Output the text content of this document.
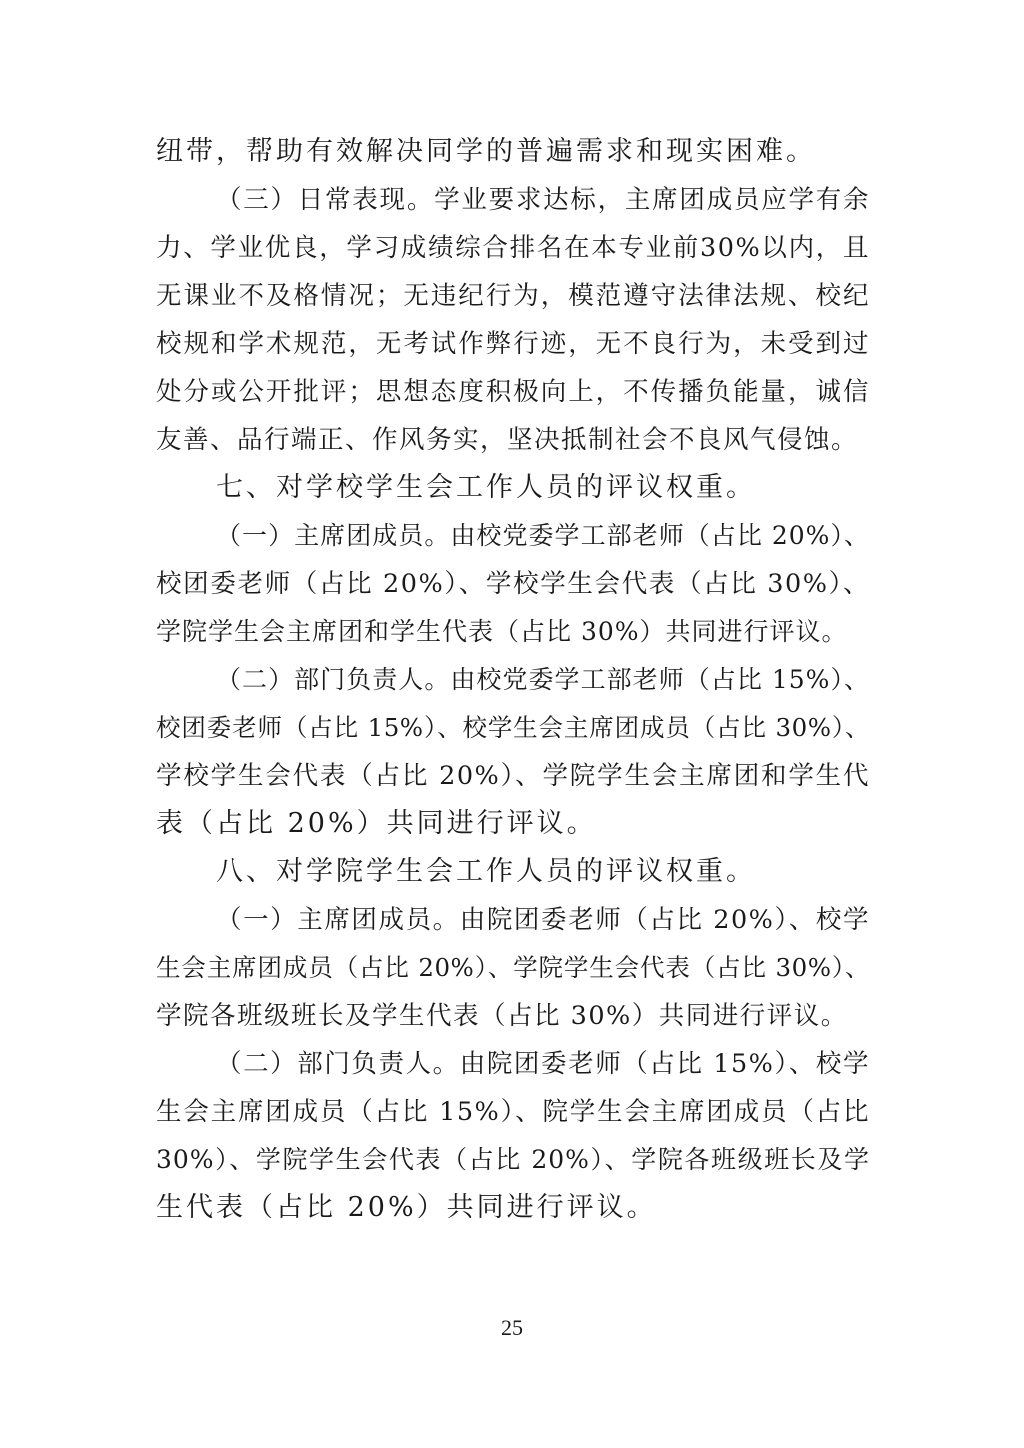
纽带，帮助有效解决同学的普遍需求和现实困难。
（三）日常表现。学业要求达标，主席团成员应学有余
力、学业优良，学习成绩综合排名在本专业前30%以内，且
无课业不及格情况；无违纪行为，模范遵守法律法规、校纪
校规和学术规范，无考试作弊行迹，无不良行为，未受到过
处分或公开批评；思想态度积极向上，不传播负能量，诚信
友善、品行端正、作风务实，坚决抵制社会不良风气侵蚀。
七、对学校学生会工作人员的评议权重。
（一）主席团成员。由校党委学工部老师（占比 20%）、
校团委老师（占比 20%）、学校学生会代表（占比 30%）、
学院学生会主席团和学生代表（占比 30%）共同进行评议。
（二）部门负责人。由校党委学工部老师（占比 15%）、
校团委老师（占比 15%）、校学生会主席团成员（占比 30%）、
学校学生会代表（占比 20%）、学院学生会主席团和学生代
表（占比 20%）共同进行评议。
八、对学院学生会工作人员的评议权重。
（一）主席团成员。由院团委老师（占比 20%）、校学
生会主席团成员（占比 20%）、学院学生会代表（占比 30%）、
学院各班级班长及学生代表（占比 30%）共同进行评议。
（二）部门负责人。由院团委老师（占比 15%）、校学
生会主席团成员（占比 15%）、院学生会主席团成员（占比
30%）、学院学生会代表（占比 20%）、学院各班级班长及学
生代表（占比 20%）共同进行评议。
25
